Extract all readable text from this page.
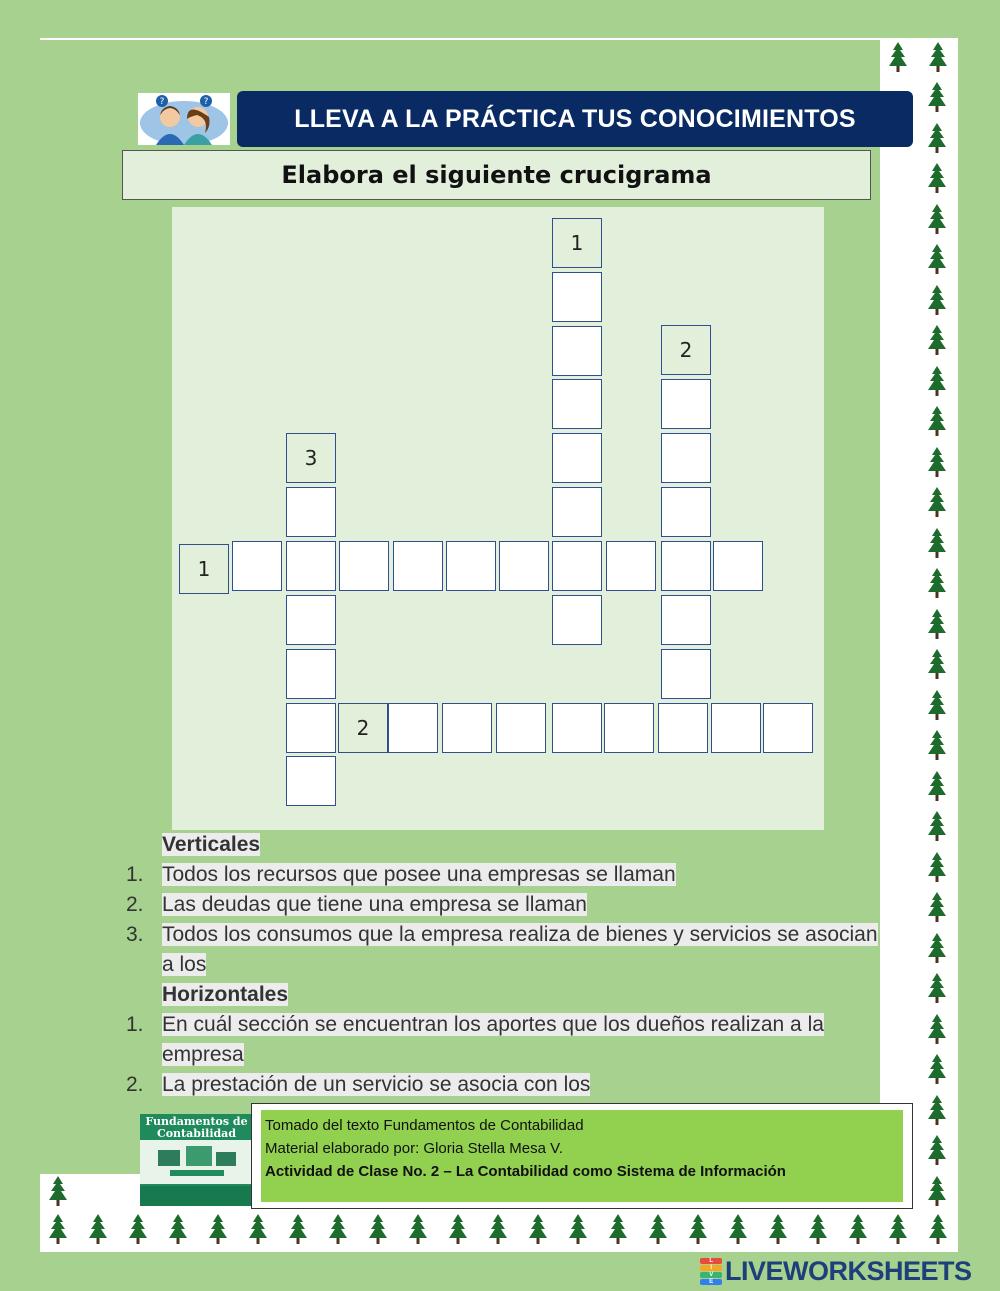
?	?
LLEVA A LA PRÁCTICA TUS CONOCIMIENTOS
Elabora el siguiente crucigrama
1
2
3
1
2
Verticales
1. Todos los recursos que posee una empresas se llaman
2. Las deudas que tiene una empresa se llaman
3. Todos los consumos que la empresa realiza de bienes y servicios se asocian a los
Horizontales
1. En cuál sección se encuentran los aportes que los dueños realizan a la empresa
2. La prestación de un servicio se asocia con los
Fundamentos de Contabilidad	Tomado del texto Fundamentos de Contabilidad
Material elaborado por: Gloria Stella Mesa V.
Actividad de Clase No. 2 – La Contabilidad como Sistema de Información
L
I
V
E LIVEWORKSHEETS
